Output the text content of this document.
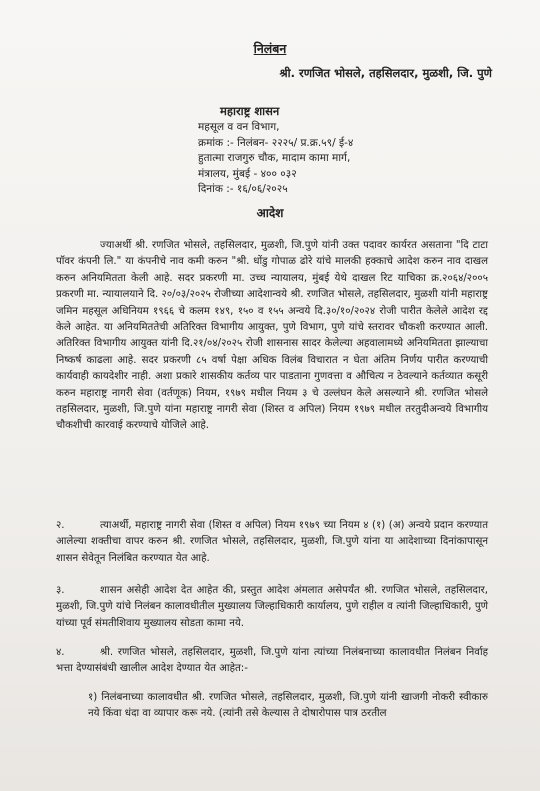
निलंबन
श्री. रणजित भोसले, तहसिलदार, मुळशी, जि. पुणे
महाराष्ट्र शासन
महसूल व वन विभाग,
क्रमांक :- निलंबन- २२२५/ प्र.क्र.५९/ ई-४
हुतात्मा राजगुरु चौक, मादाम कामा मार्ग,
मंत्रालय, मुंबई - ४०० ०३२
दिनांक :- १६/०६/२०२५
आदेश
ज्याअर्थी श्री. रणजित भोसले, तहसिलदार, मुळशी, जि.पुणे यांनी उक्त पदावर कार्यरत असताना "दि टाटा पॉवर कंपनी लि." या कंपनीचे नाव कमी करुन "श्री. धोंडु गोपाळ ढोरे यांचे मालकी हक्काचे आदेश करुन नाव दाखल करुन अनियमितता केली आहे. सदर प्रकरणी मा. उच्च न्यायालय, मुंबई येथे दाखल रिट याचिका क्र.२०६४/२००५ प्रकरणी मा. न्यायालयाने दि. २०/०३/२०२५ रोजीच्या आदेशान्वये श्री. रणजित भोसले, तहसिलदार, मुळशी यांनी महाराष्ट्र जमिन महसूल अधिनियम १९६६ चे कलम १४९, १५० व १५५ अन्वये दि.३०/१०/२०२४ रोजी पारीत केलेले आदेश रद्द केले आहेत. या अनियमिततेची अतिरिक्त विभागीय आयुक्त, पुणे विभाग, पुणे यांचे स्तरावर चौकशी करण्यात आली. अतिरिक्त विभागीय आयुक्त यांनी दि.२१/०४/२०२५ रोजी शासनास सादर केलेल्या अहवालामध्ये अनियमितता झाल्याचा निष्कर्ष काढला आहे. सदर प्रकरणी ८५ वर्षा पेक्षा अधिक विलंब विचारात न घेता अंतिम निर्णय पारीत करण्याची कार्यवाही कायदेशीर नाही. अशा प्रकारे शासकीय कर्तव्य पार पाडताना गुणवत्ता व औचित्य न ठेवल्याने कर्तव्यात कसूरी करुन महाराष्ट्र नागरी सेवा (वर्तणूक) नियम, १९७९ मधील नियम ३ चे उल्लंघन केले असल्याने श्री. रणजित भोसले तहसिलदार, मुळशी, जि.पुणे यांना महाराष्ट्र नागरी सेवा (शिस्त व अपिल) नियम १९७९ मधील तरतुदीअन्वये विभागीय चौकशीची कारवाई करण्याचे योजिले आहे.
२.	त्याअर्थी, महाराष्ट्र नागरी सेवा (शिस्त व अपिल) नियम १९७९ च्या नियम ४ (१) (अ) अन्वये प्रदान करण्यात आलेल्या शक्तीचा वापर करुन श्री. रणजित भोसले, तहसिलदार, मुळशी, जि.पुणे यांना या आदेशाच्या दिनांकापासून शासन सेवेतून निलंबित करण्यात येत आहे.
३.	शासन असेही आदेश देत आहेत की, प्रस्तुत आदेश अंमलात असेपर्यंत श्री. रणजित भोसले, तहसिलदार, मुळशी, जि.पुणे यांचे निलंबन कालावधीतील मुख्यालय जिल्हाधिकारी कार्यालय, पुणे राहील व त्यांनी जिल्हाधिकारी, पुणे यांच्या पूर्व संमतीशिवाय मुख्यालय सोडता कामा नये.
४.	श्री. रणजित भोसले, तहसिलदार, मुळशी, जि.पुणे यांना त्यांच्या निलंबनाच्या कालावधीत निलंबन निर्वाह भत्ता देण्यासंबंधी खालील आदेश देण्यात येत आहेत:-
१) निलंबनाच्या कालावधीत श्री. रणजित भोसले, तहसिलदार, मुळशी, जि.पुणे यांनी खाजगी नोकरी स्वीकारु नये किंवा धंदा वा व्यापार करू नये. (त्यांनी तसे केल्यास ते दोषारोपास पात्र ठरतील
